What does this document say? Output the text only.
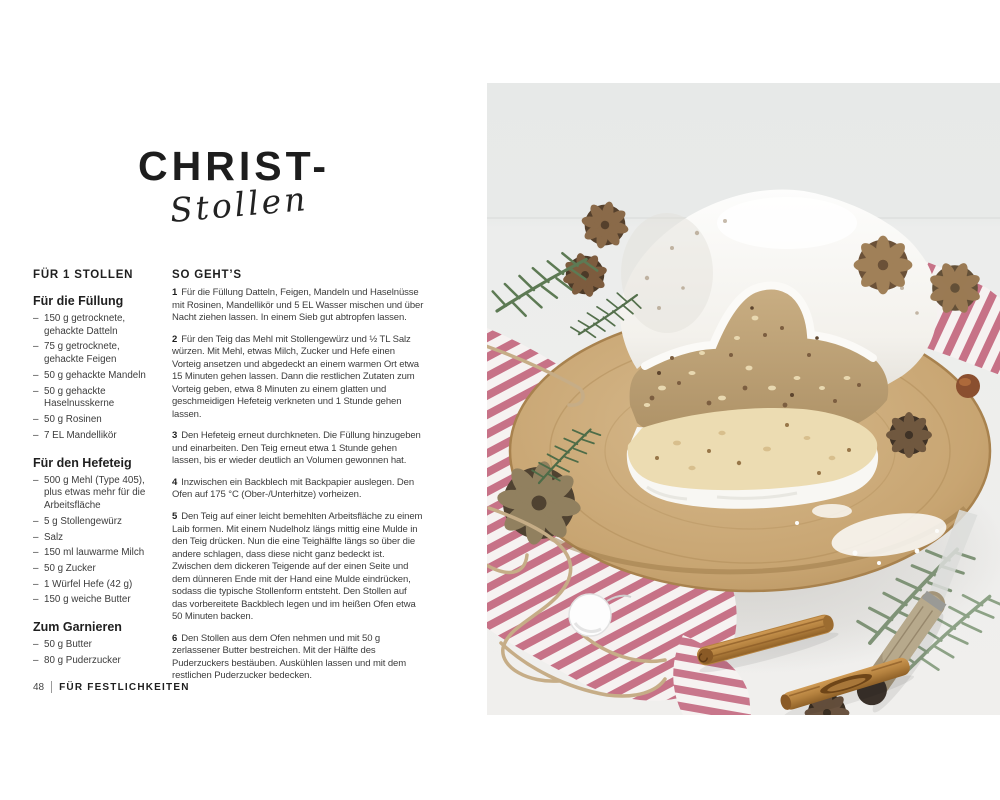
CHRIST-
Stollen
FÜR 1 STOLLEN
Für die Füllung
– 150 g getrocknete, gehackte Datteln
– 75 g getrocknete, gehackte Feigen
– 50 g gehackte Mandeln
– 50 g gehackte Haselnusskerne
– 50 g Rosinen
– 7 EL Mandellikör
Für den Hefeteig
– 500 g Mehl (Type 405), plus etwas mehr für die Arbeitsfläche
– 5 g Stollengewürz
– Salz
– 150 ml lauwarme Milch
– 50 g Zucker
– 1 Würfel Hefe (42 g)
– 150 g weiche Butter
Zum Garnieren
– 50 g Butter
– 80 g Puderzucker
SO GEHT’S

1 Für die Füllung Datteln, Feigen, Mandeln und Haselnüsse mit Rosinen, Mandellikör und 5 EL Wasser mischen und über Nacht ziehen lassen. In einem Sieb gut abtropfen lassen.

2 Für den Teig das Mehl mit Stollengewürz und ½ TL Salz würzen. Mit Mehl, etwas Milch, Zucker und Hefe einen Vorteig ansetzen und abgedeckt an einem warmen Ort etwa 15 Minuten gehen lassen. Dann die restlichen Zutaten zum Vorteig geben, etwa 8 Minuten zu einem glatten und geschmeidigen Hefeteig verkneten und 1 Stunde gehen lassen.

3 Den Hefeteig erneut durchkneten. Die Füllung hinzugeben und einarbeiten. Den Teig erneut etwa 1 Stunde gehen lassen, bis er wieder deutlich an Volumen gewonnen hat.

4 Inzwischen ein Backblech mit Backpapier auslegen. Den Ofen auf 175 °C (Ober-/Unterhitze) vorheizen.

5 Den Teig auf einer leicht bemehlten Arbeitsfläche zu einem Laib formen. Mit einem Nudelholz längs mittig eine Mulde in den Teig drücken. Nun die eine Teighälfte längs so über die andere schlagen, dass diese nicht ganz bedeckt ist. Zwischen dem dickeren Teigende auf der einen Seite und dem dünneren Ende mit der Hand eine Mulde eindrücken, sodass die typische Stollenform entsteht. Den Stollen auf das vorbereitete Backblech legen und im heißen Ofen etwa 50 Minuten backen.

6 Den Stollen aus dem Ofen nehmen und mit 50 g zerlassener Butter bestreichen. Mit der Hälfte des Puderzuckers bestäuben. Auskühlen lassen und mit dem restlichen Puderzucker bedecken.

48 FÜR FESTLICHKEITEN
